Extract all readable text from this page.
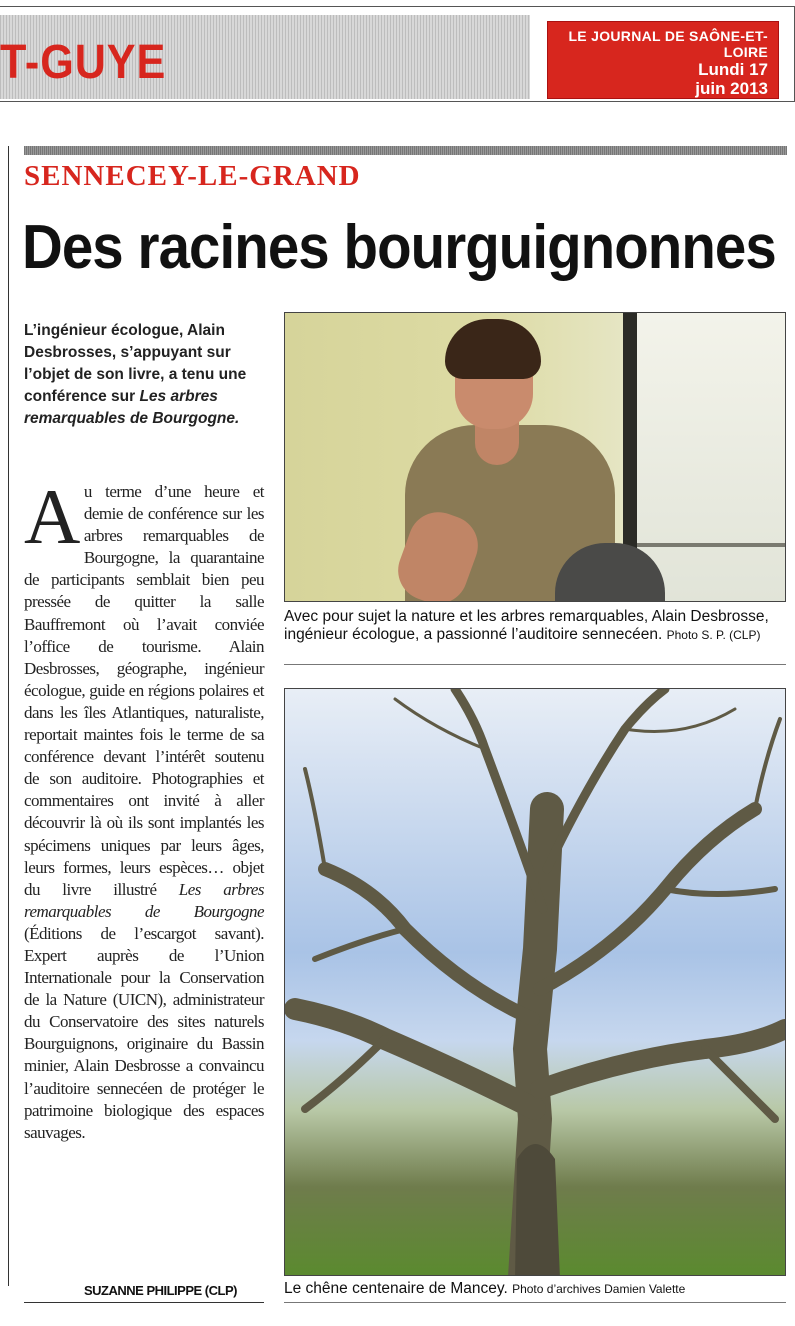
T-GUYE	LE JOURNAL DE SAÔNE-ET-LOIRE
Lundi 17
juin 2013

SENNECEY-LE-GRAND
Des racines bourguignonnes

L’ingénieur écologue, Alain Desbrosses, s’appuyant sur l’objet de son livre, a tenu une conférence sur Les arbres remarquables de Bourgogne.

Au terme d’une heure et demie de conférence sur les arbres remarquables de Bourgogne, la quarantaine de participants semblait bien peu pressée de quitter la salle Bauffremont où l’avait conviée l’office de tourisme. Alain Desbrosses, géographe, ingénieur écologue, guide en régions polaires et dans les îles Atlantiques, naturaliste, reportait maintes fois le terme de sa conférence devant l’intérêt soutenu de son auditoire. Photographies et commentaires ont invité à aller découvrir là où ils sont implantés les spécimens uniques par leurs âges, leurs formes, leurs espèces… objet du livre illustré Les arbres remarquables de Bourgogne (Éditions de l’escargot savant). Expert auprès de l’Union Internationale pour la Conservation de la Nature (UICN), administrateur du Conservatoire des sites naturels Bourguignons, originaire du Bassin minier, Alain Desbrosse a convaincu l’auditoire sennecéen de protéger le patrimoine biologique des espaces sauvages.

SUZANNE PHILIPPE (CLP)

Avec pour sujet la nature et les arbres remarquables, Alain Desbrosse, ingénieur écologue, a passionné l’auditoire sennecéen. Photo S. P. (CLP)

Le chêne centenaire de Mancey. Photo d’archives Damien Valette
